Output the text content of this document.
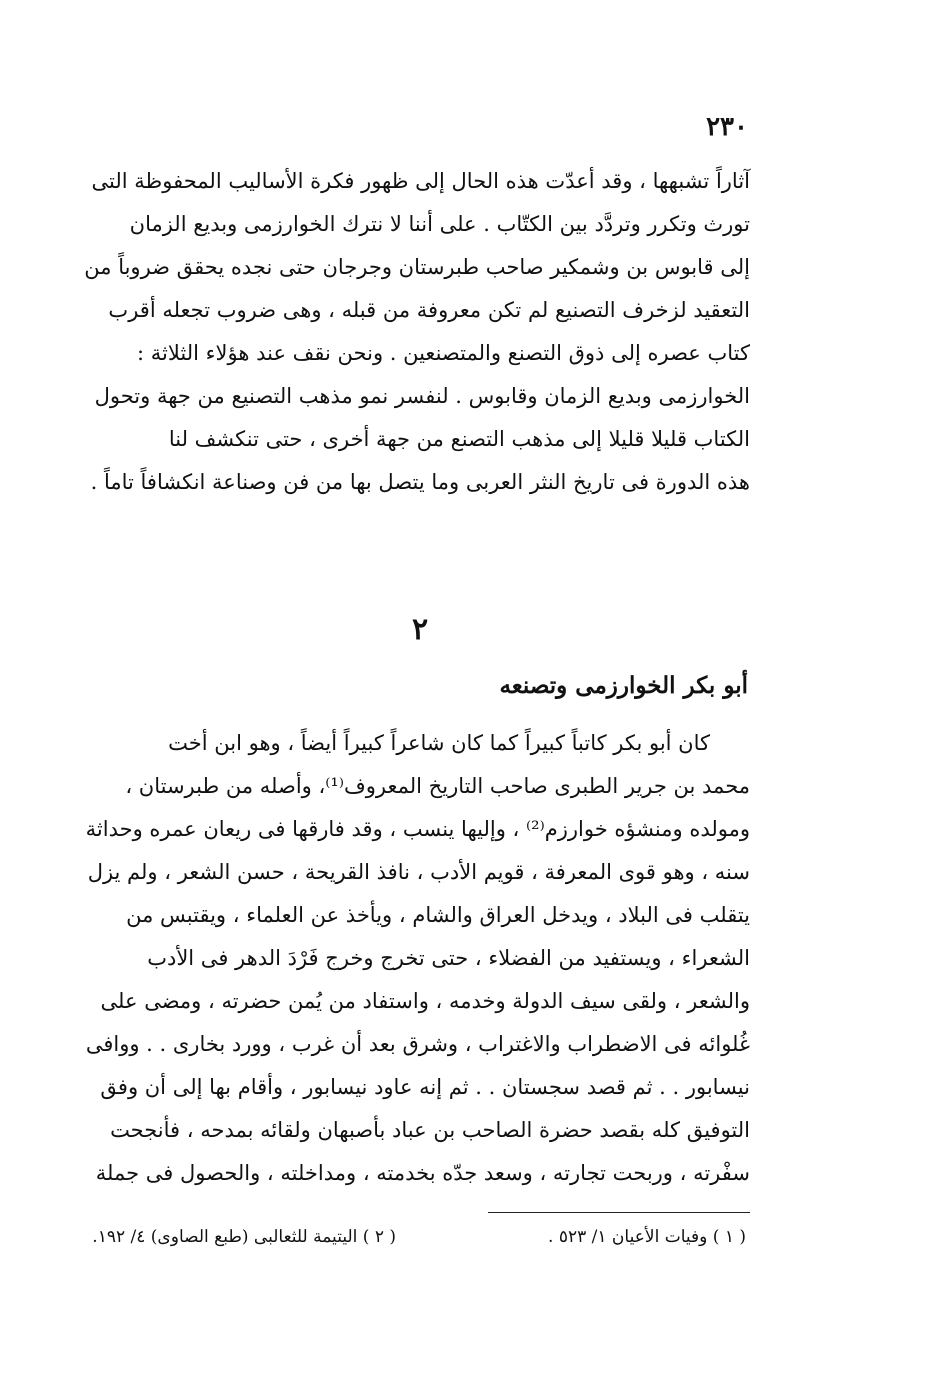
٢٣٠
آثاراً تشبهها ، وقد أعدّت هذه الحال إلى ظهور فكرة الأساليب المحفوظة التى
تورث وتكرر وتردَّد بين الكتّاب . على أننا لا نترك الخوارزمى وبديع الزمان
إلى قابوس بن وشمكير صاحب طبرستان وجرجان حتى نجده يحقق ضروباً من
التعقيد لزخرف التصنيع لم تكن معروفة من قبله ، وهى ضروب تجعله أقرب
كتاب عصره إلى ذوق التصنع والمتصنعين . ونحن نقف عند هؤلاء الثلاثة :
الخوارزمى وبديع الزمان وقابوس . لنفسر نمو مذهب التصنيع من جهة وتحول
الكتاب قليلا قليلا إلى مذهب التصنع من جهة أخرى ، حتى تنكشف لنا
هذه الدورة فى تاريخ النثر العربى وما يتصل بها من فن وصناعة انكشافاً تاماً .
٢
أبو بكر الخوارزمى وتصنعه
كان أبو بكر كاتباً كبيراً كما كان شاعراً كبيراً أيضاً ، وهو ابن أخت
محمد بن جرير الطبرى صاحب التاريخ المعروف⁽¹⁾، وأصله من طبرستان ،
ومولده ومنشؤه خوارزم⁽²⁾ ، وإليها ينسب ، وقد فارقها فى ريعان عمره وحداثة
سنه ، وهو قوى المعرفة ، قويم الأدب ، نافذ القريحة ، حسن الشعر ، ولم يزل
يتقلب فى البلاد ، ويدخل العراق والشام ، ويأخذ عن العلماء ، ويقتبس من
الشعراء ، ويستفيد من الفضلاء ، حتى تخرج وخرج فَرْدَ الدهر فى الأدب
والشعر ، ولقى سيف الدولة وخدمه ، واستفاد من يُمن حضرته ، ومضى على
غُلوائه فى الاضطراب والاغتراب ، وشرق بعد أن غرب ، وورد بخارى . . ووافى
نيسابور . . ثم قصد سجستان . . ثم إنه عاود نيسابور ، وأقام بها إلى أن وفق
التوفيق كله بقصد حضرة الصاحب بن عباد بأصبهان ولقائه بمدحه ، فأنجحت
سفْرته ، وربحت تجارته ، وسعد جدّه بخدمته ، ومداخلته ، والحصول فى جملة
( ١ ) وفيات الأعيان ١/ ٥٢٣ .
( ٢ ) اليتيمة للثعالبى (طبع الصاوى) ٤/ ١٩٢.
